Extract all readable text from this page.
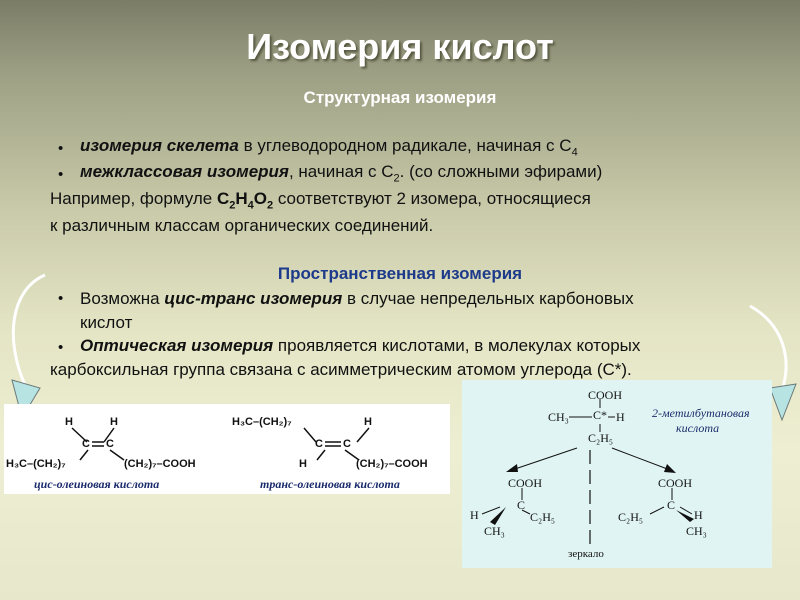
Изомерия кислот
Структурная изомерия
• изомерия скелета в углеводородном радикале, начиная с $С_4$
• межклассовая изомерия, начиная с $С_2$. (со сложными эфирами)
Например, формуле $C_2H_4O_2$ соответствуют 2 изомера, относящиеся
к различным классам органических соединений.
Пространственная изомерия
• Возможна цис-транс изомерия в случае непредельных карбоновых
кислот
• Оптическая изомерия проявляется кислотами, в молекулах которых
карбоксильная группа связана с асимметрическим атомом углерода (С*).
H	H
C C
H₃C–(CH₂)₇	(CH₂)₇–COOH
цис-олеиновая кислота
H₃C–(CH₂)₇	H
C C
H	(CH₂)₇–COOH
транс-олеиновая кислота
COOH
CH₃ C* H
C₂H₅
2-метилбутановая
кислота
COOH
H
C
C₂H₅
CH₃
COOH
C
H
C₂H₅
CH₃
зеркало
